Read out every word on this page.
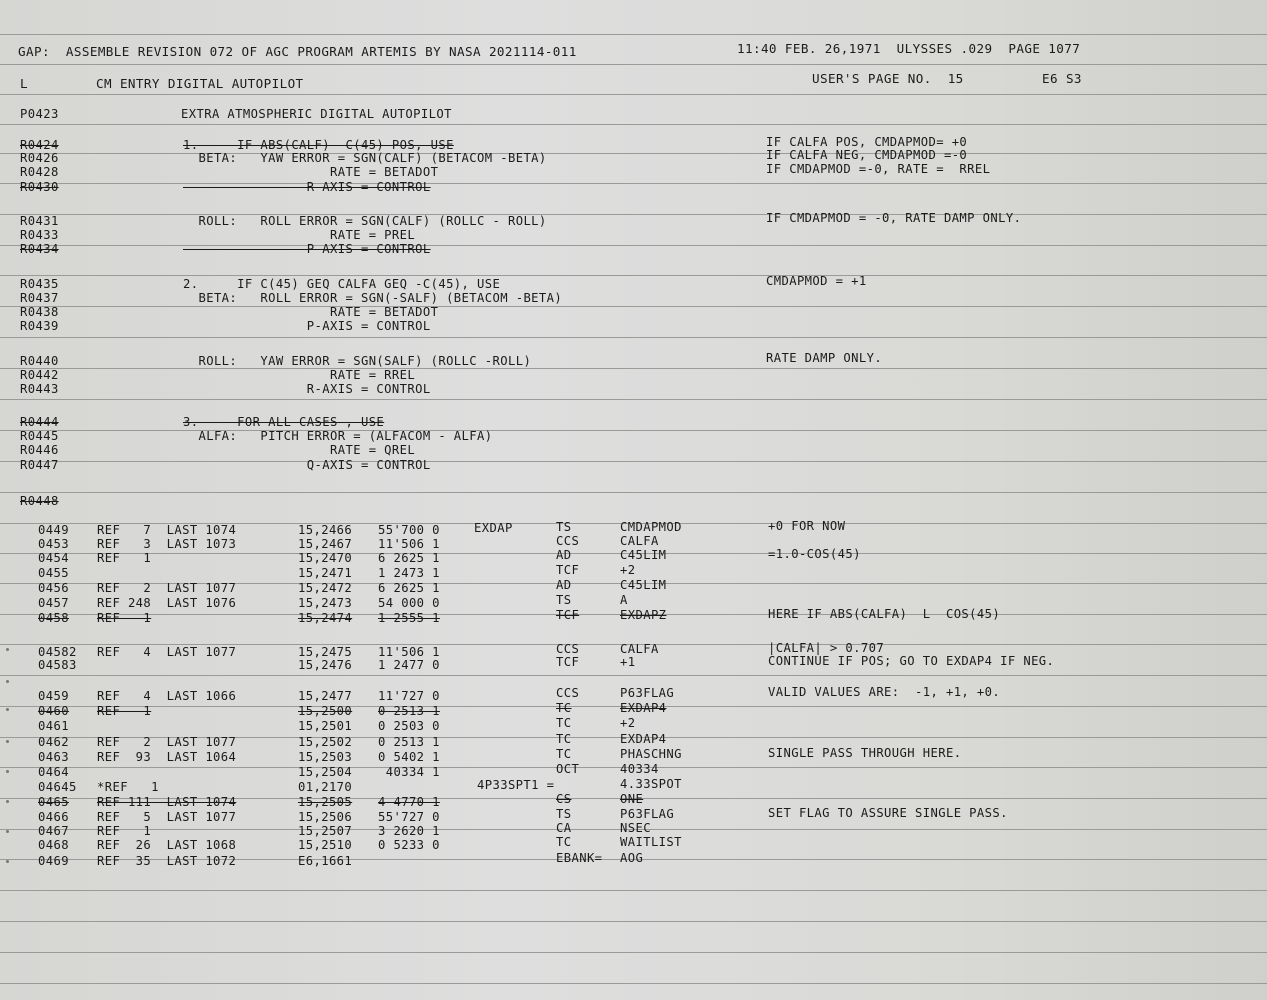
GAP:  ASSEMBLE REVISION 072 OF AGC PROGRAM ARTEMIS BY NASA 2021114-011	11:40 FEB. 26,1971  ULYSSES .029  PAGE 1077
L	CM ENTRY DIGITAL AUTOPILOT	USER'S PAGE NO.  15	E6 S3
P0423	EXTRA ATMOSPHERIC DIGITAL AUTOPILOT
R0424	1.     IF ABS(CALF) -C(45) POS, USE	IF CALFA POS, CMDAPMOD= +0
R0426	BETA:   YAW ERROR = SGN(CALF) (BETACOM -BETA)	IF CALFA NEG, CMDAPMOD =-0
R0428	RATE = BETADOT	IF CMDAPMOD =-0, RATE =  RREL
R0430	R-AXIS = CONTROL
R0431	ROLL:   ROLL ERROR = SGN(CALF) (ROLLC - ROLL)	IF CMDAPMOD = -0, RATE DAMP ONLY.
R0433	RATE = PREL
R0434	P-AXIS = CONTROL
R0435	2.     IF C(45) GEQ CALFA GEQ -C(45), USE	CMDAPMOD = +1
R0437	BETA:   ROLL ERROR = SGN(-SALF) (BETACOM -BETA)
R0438	RATE = BETADOT
R0439	P-AXIS = CONTROL
R0440	ROLL:   YAW ERROR = SGN(SALF) (ROLLC -ROLL)	RATE DAMP ONLY.
R0442	RATE = RREL
R0443	R-AXIS = CONTROL
R0444	3.     FOR ALL CASES , USE
R0445	ALFA:   PITCH ERROR = (ALFACOM - ALFA)
R0446	RATE = QREL
R0447	Q-AXIS = CONTROL
R0448
0449 REF   7  LAST 1074	15,2466 55'700 0	EXDAP	TS	CMDAPMOD	+0 FOR NOW
0453 REF   3  LAST 1073	15,2467 11'506 1	CCS	CALFA
0454 REF   1	15,2470 6 2625 1	AD	C45LIM	=1.0-COS(45)
0455	15,2471 1 2473 1	TCF	+2
0456 REF   2  LAST 1077	15,2472 6 2625 1	AD	C45LIM
0457 REF 248  LAST 1076	15,2473 54 000 0	TS	A
0458 REF   1	15,2474 1 2555 1	TCF	EXDAPZ	HERE IF ABS(CALFA)  L  COS(45)
04582 REF   4  LAST 1077	15,2475 11'506 1	CCS	CALFA	|CALFA| > 0.707
04583	15,2476 1 2477 0	TCF	+1	CONTINUE IF POS; GO TO EXDAP4 IF NEG.
0459 REF   4  LAST 1066	15,2477 11'727 0	CCS	P63FLAG	VALID VALUES ARE:  -1, +1, +0.
0460 REF   1	15,2500 0 2513 1	TC	EXDAP4
0461	15,2501 0 2503 0	TC	+2
0462 REF   2  LAST 1077	15,2502 0 2513 1	TC	EXDAP4
0463 REF  93  LAST 1064	15,2503 0 5402 1	TC	PHASCHNG	SINGLE PASS THROUGH HERE.
0464	15,2504 40334 1	OCT	40334
04645 *REF   1	01,2170	4P33SPT1 =	4.33SPOT
0465 REF 111  LAST 1074	15,2505 4 4770 1	CS	ONE
0466 REF   5  LAST 1077	15,2506 55'727 0	TS	P63FLAG	SET FLAG TO ASSURE SINGLE PASS.
0467 REF   1	15,2507 3 2620 1	CA	NSEC
0468 REF  26  LAST 1068	15,2510 0 5233 0	TC	WAITLIST
0469 REF  35  LAST 1072	E6,1661	EBANK= AOG
